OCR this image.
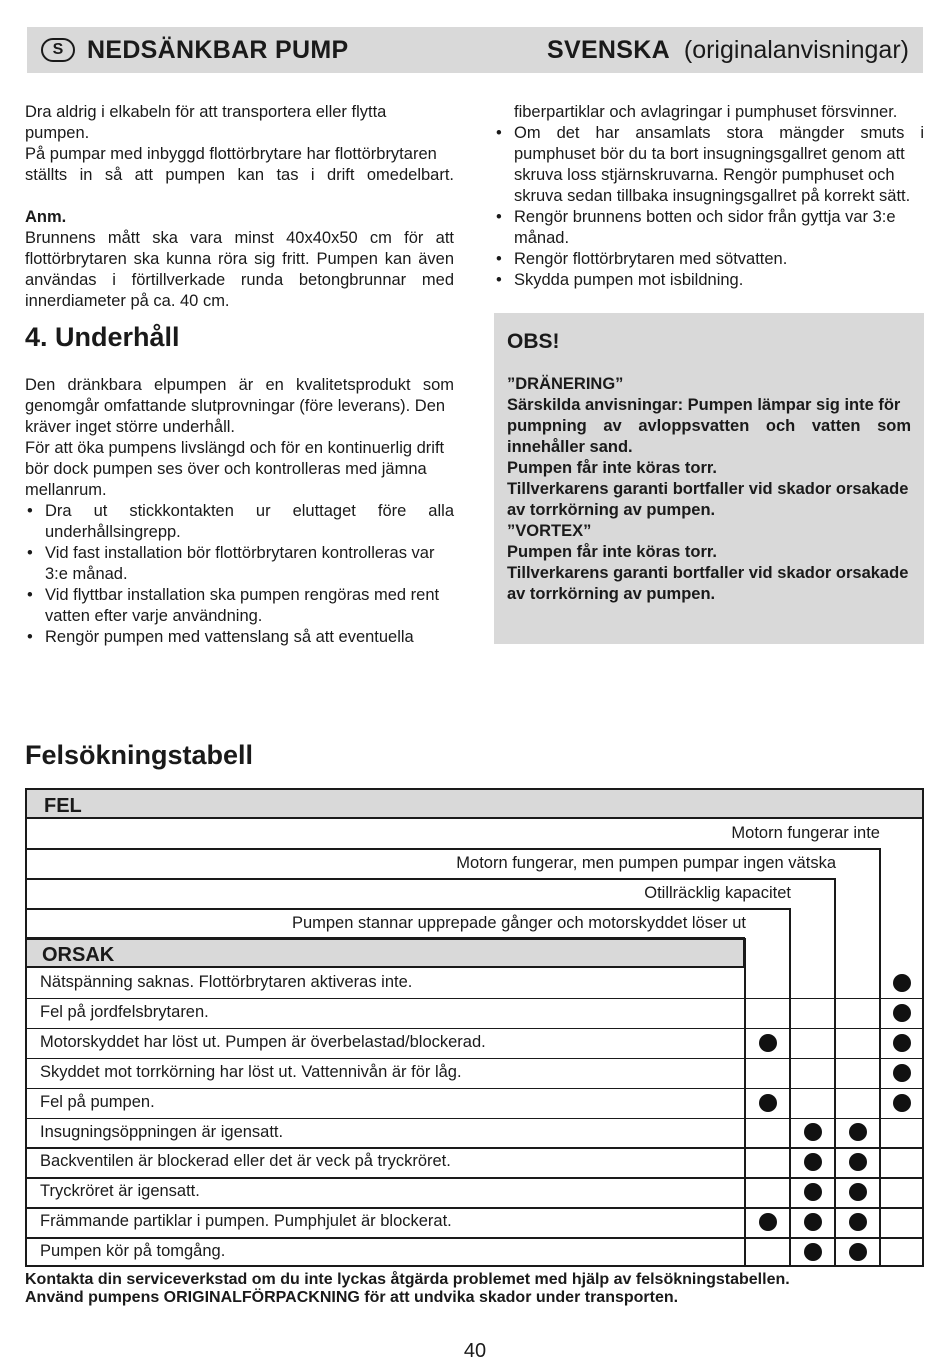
S NEDSÄNKBAR PUMP	SVENSKA (originalanvisningar)

Dra aldrig i elkabeln för att transportera eller flytta pumpen.

På pumpar med inbyggd flottörbrytare har flottörbrytaren

ställts in så att pumpen kan tas i drift omedelbart.

Anm.

Brunnens mått ska vara minst 40x40x50 cm för att

flottörbrytaren ska kunna röra sig fritt. Pumpen kan även

användas i förtillverkade runda betongbrunnar med

innerdiameter på ca. 40 cm.

fiberpartiklar och avlagringar i pumphuset försvinner.

• Om det har ansamlats stora mängder smuts i

pumphuset bör du ta bort insugningsgallret genom att

skruva loss stjärnskruvarna. Rengör pumphuset och

skruva sedan tillbaka insugningsgallret på korrekt sätt.

• Rengör brunnens botten och sidor från gyttja var 3:e

månad.

• Rengör flottörbrytaren med sötvatten.

• Skydda pumpen mot isbildning.

4. Underhåll

Den dränkbara elpumpen är en kvalitetsprodukt som

genomgår omfattande slutprovningar (före leverans). Den

kräver inget större underhåll.

För att öka pumpens livslängd och för en kontinuerlig drift

bör dock pumpen ses över och kontrolleras med jämna

mellanrum.

• Dra ut stickkontakten ur eluttaget före alla

underhållsingrepp.

• Vid fast installation bör flottörbrytaren kontrolleras var

3:e månad.

• Vid flyttbar installation ska pumpen rengöras med rent

vatten efter varje användning.

• Rengör pumpen med vattenslang så att eventuella

OBS!

”DRÄNERING”

Särskilda anvisningar: Pumpen lämpar sig inte för

pumpning av avloppsvatten och vatten som

innehåller sand.

Pumpen får inte köras torr.

Tillverkarens garanti bortfaller vid skador orsakade

av torrkörning av pumpen.

”VORTEX”

Pumpen får inte köras torr.

Tillverkarens garanti bortfaller vid skador orsakade

av torrkörning av pumpen.

Felsökningstabell
FEL
ORSAK
Motorn fungerar inte
Motorn fungerar, men pumpen pumpar ingen vätska
Otillräcklig kapacitet
Pumpen stannar upprepade gånger och motorskyddet löser ut
Nätspänning saknas. Flottörbrytaren aktiveras inte.
Fel på jordfelsbrytaren.
Motorskyddet har löst ut. Pumpen är överbelastad/blockerad.
Skyddet mot torrkörning har löst ut. Vattennivån är för låg.
Fel på pumpen.
Insugningsöppningen är igensatt.
Backventilen är blockerad eller det är veck på tryckröret.
Tryckröret är igensatt.
Främmande partiklar i pumpen. Pumphjulet är blockerat.
Pumpen kör på tomgång.

Kontakta din serviceverkstad om du inte lyckas åtgärda problemet med hjälp av felsökningstabellen.

Använd pumpens ORIGINALFÖRPACKNING för att undvika skador under transporten.

40
